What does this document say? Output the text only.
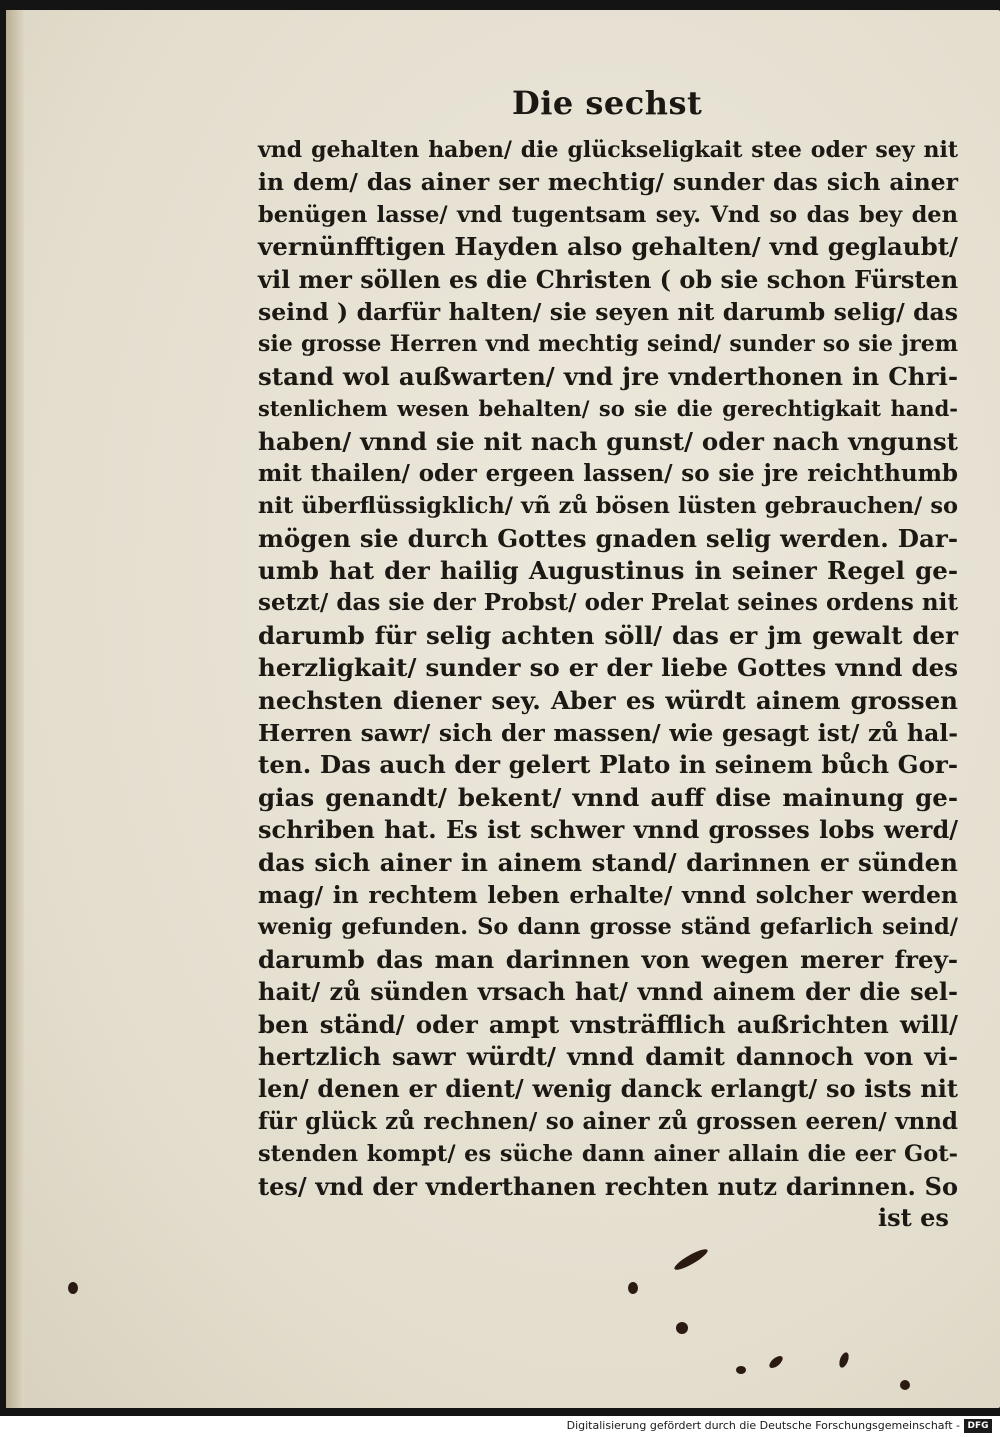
Die sechst
vnd gehalten haben/ die glückseligkait stee oder sey nit
in dem/ das ainer ser mechtig/ sunder das sich ainer
benügen lasse/ vnd tugentsam sey. Vnd so das bey den
vernünfftigen Hayden also gehalten/ vnd geglaubt/
vil mer söllen es die Christen ( ob sie schon Fürsten
seind ) darfür halten/ sie seyen nit darumb selig/ das
sie grosse Herren vnd mechtig seind/ sunder so sie jrem
stand wol außwarten/ vnd jre vnderthonen in Chri-
stenlichem wesen behalten/ so sie die gerechtigkait hand-
haben/ vnnd sie nit nach gunst/ oder nach vngunst
mit thailen/ oder ergeen lassen/ so sie jre reichthumb
nit überflüssigklich/ vñ zů bösen lüsten gebrauchen/ so
mögen sie durch Gottes gnaden selig werden. Dar-
umb hat der hailig Augustinus in seiner Regel ge-
setzt/ das sie der Probst/ oder Prelat seines ordens nit
darumb für selig achten söll/ das er jm gewalt der
herzligkait/ sunder so er der liebe Gottes vnnd des
nechsten diener sey. Aber es würdt ainem grossen
Herren sawr/ sich der massen/ wie gesagt ist/ zů hal-
ten. Das auch der gelert Plato in seinem bůch Gor-
gias genandt/ bekent/ vnnd auff dise mainung ge-
schriben hat. Es ist schwer vnnd grosses lobs werd/
das sich ainer in ainem stand/ darinnen er sünden
mag/ in rechtem leben erhalte/ vnnd solcher werden
wenig gefunden. So dann grosse ständ gefarlich seind/
darumb das man darinnen von wegen merer frey-
hait/ zů sünden vrsach hat/ vnnd ainem der die sel-
ben ständ/ oder ampt vnsträfflich außrichten will/
hertzlich sawr würdt/ vnnd damit dannoch von vi-
len/ denen er dient/ wenig danck erlangt/ so ists nit
für glück zů rechnen/ so ainer zů grossen eeren/ vnnd
stenden kompt/ es süche dann ainer allain die eer Got-
tes/ vnd der vnderthanen rechten nutz darinnen. So
ist es
Digitalisierung gefördert durch die Deutsche Forschungsgemeinschaft - DFG
